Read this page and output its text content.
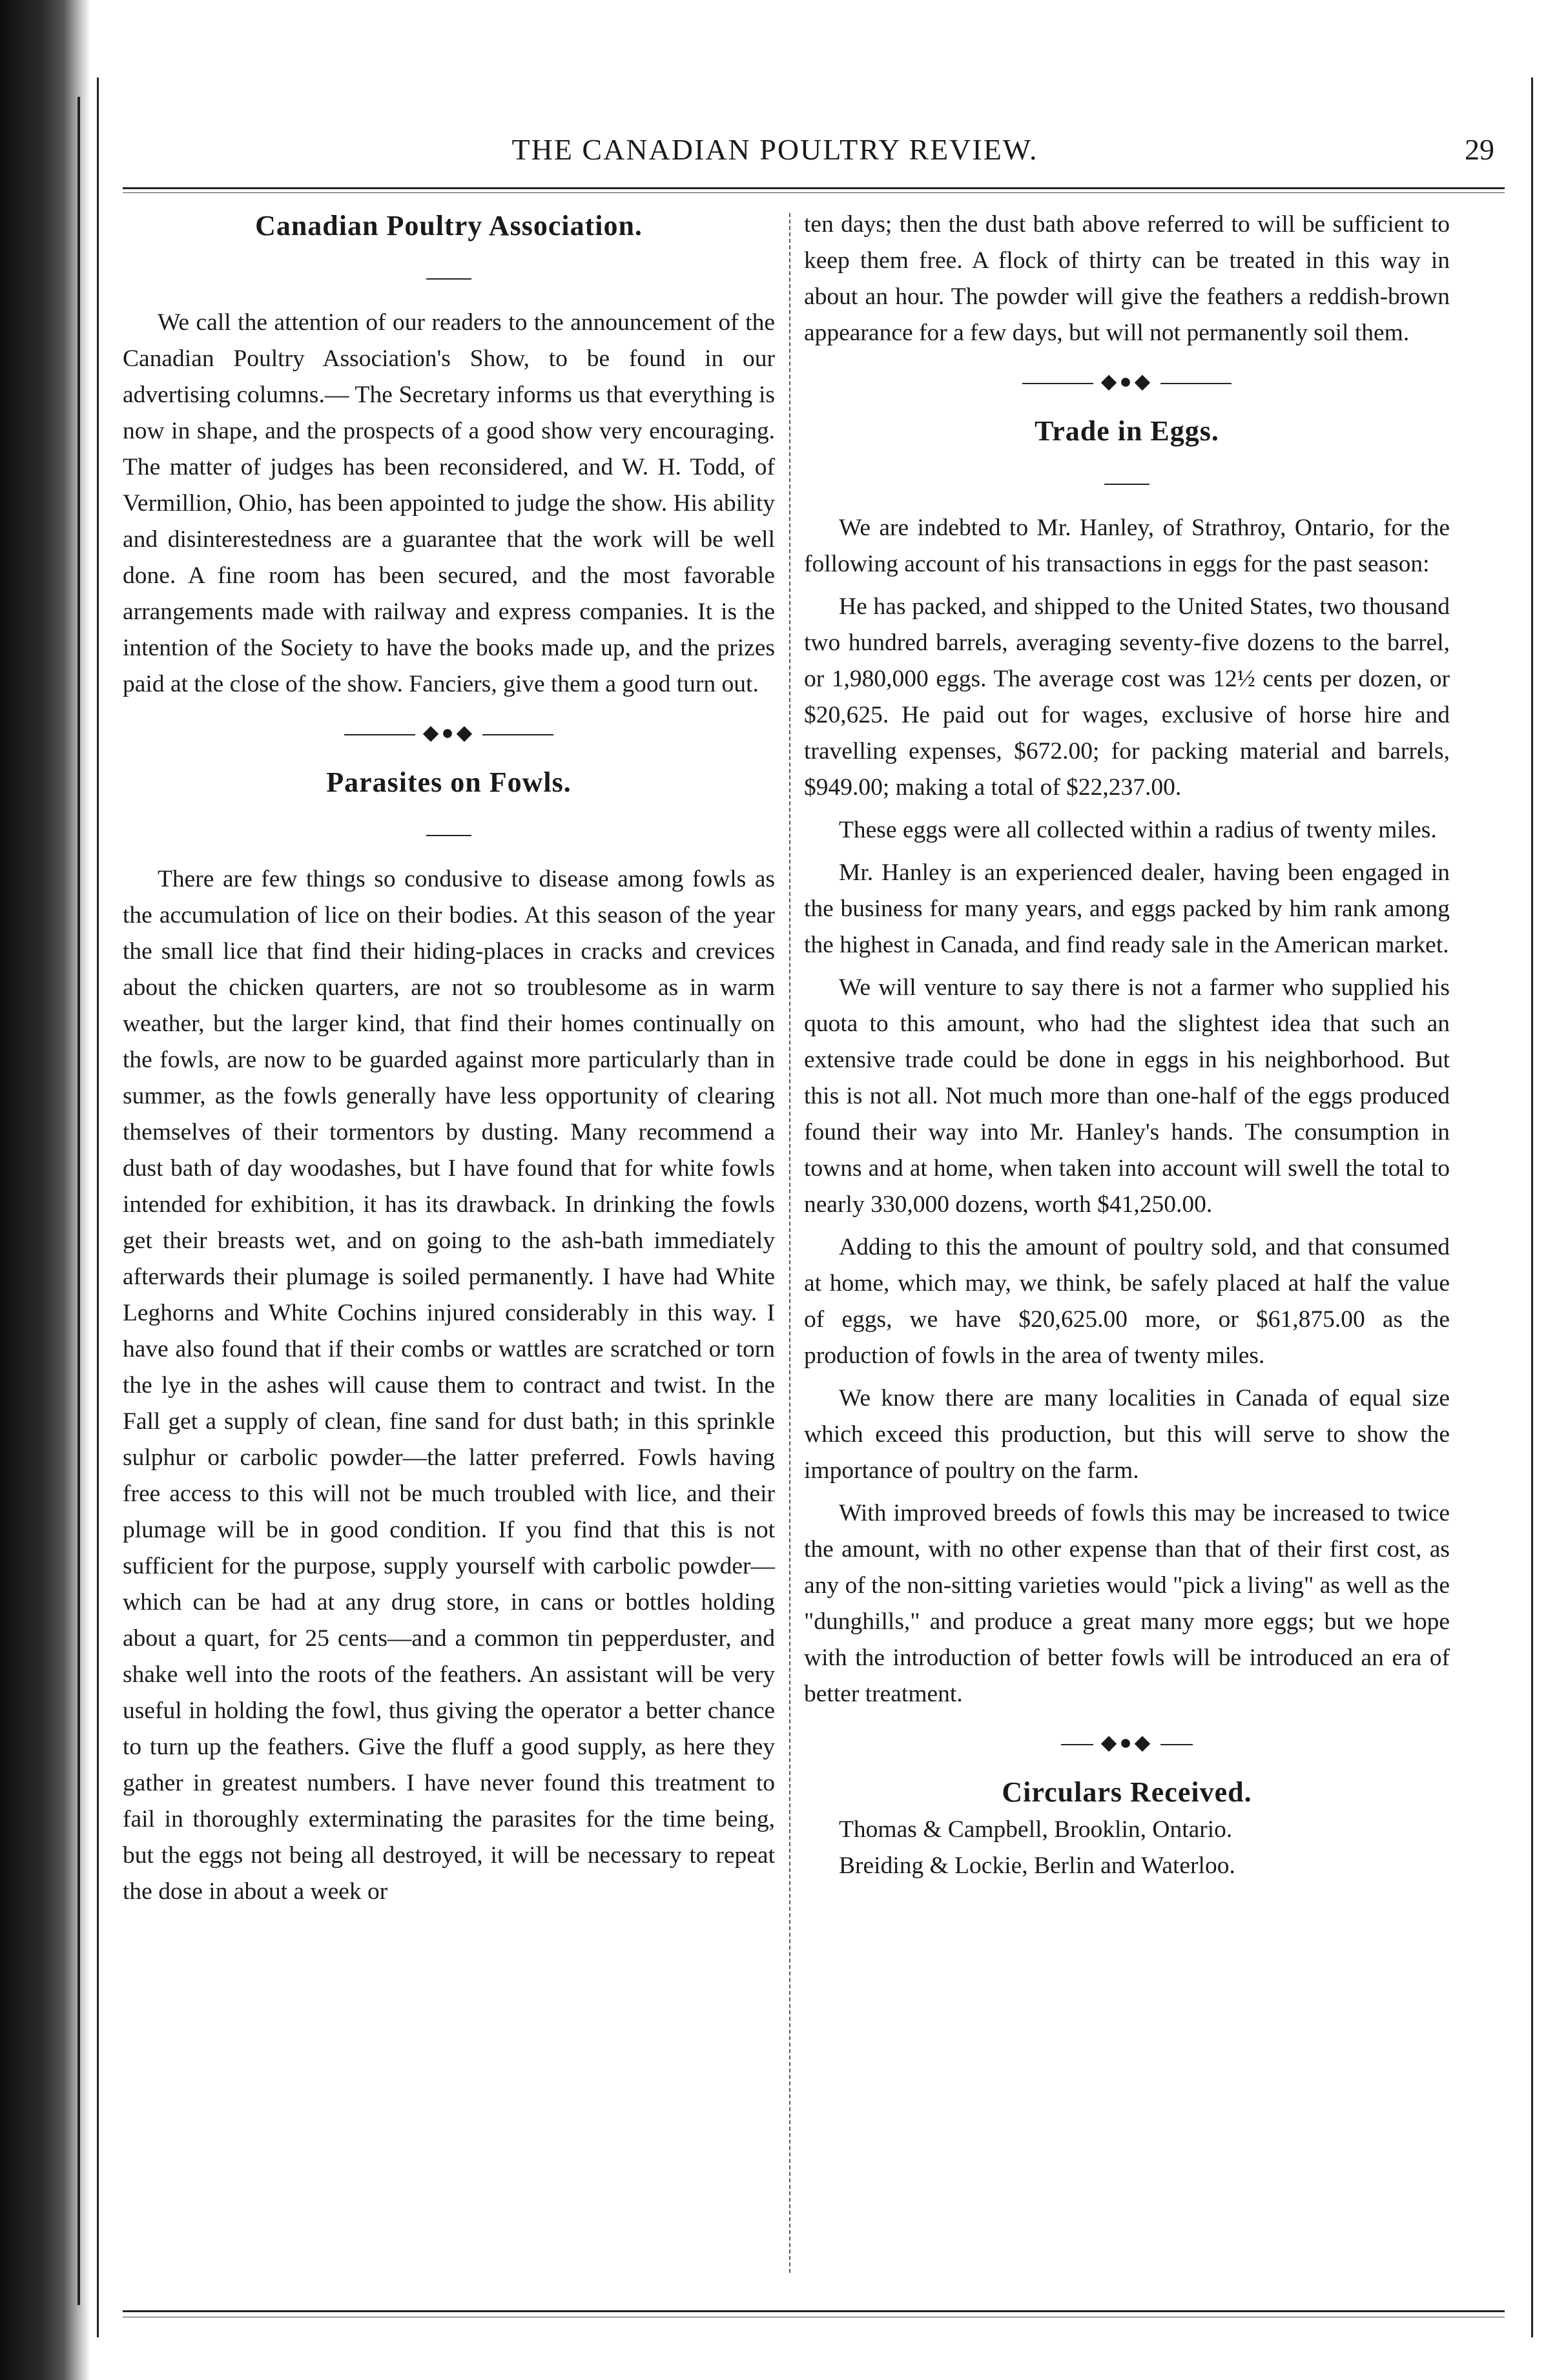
THE CANADIAN POULTRY REVIEW.	29
Canadian Poultry Association.

We call the attention of our readers to the announcement of the Canadian Poultry Association's Show, to be found in our advertising columns.— The Secretary informs us that everything is now in shape, and the prospects of a good show very encouraging. The matter of judges has been reconsidered, and W. H. Todd, of Vermillion, Ohio, has been appointed to judge the show. His ability and disinterestedness are a guarantee that the work will be well done. A fine room has been secured, and the most favorable arrangements made with railway and express companies. It is the intention of the Society to have the books made up, and the prizes paid at the close of the show. Fanciers, give them a good turn out.

◆●◆
Parasites on Fowls.

There are few things so condusive to disease among fowls as the accumulation of lice on their bodies. At this season of the year the small lice that find their hiding-places in cracks and crevices about the chicken quarters, are not so troublesome as in warm weather, but the larger kind, that find their homes continually on the fowls, are now to be guarded against more particularly than in summer, as the fowls generally have less opportunity of clearing themselves of their tormentors by dusting. Many recommend a dust bath of day woodashes, but I have found that for white fowls intended for exhibition, it has its drawback. In drinking the fowls get their breasts wet, and on going to the ash-bath immediately afterwards their plumage is soiled permanently. I have had White Leghorns and White Cochins injured considerably in this way. I have also found that if their combs or wattles are scratched or torn the lye in the ashes will cause them to contract and twist. In the Fall get a supply of clean, fine sand for dust bath; in this sprinkle sulphur or carbolic powder—the latter preferred. Fowls having free access to this will not be much troubled with lice, and their plumage will be in good condition. If you find that this is not sufficient for the purpose, supply yourself with carbolic powder—which can be had at any drug store, in cans or bottles holding about a quart, for 25 cents—and a common tin pepperduster, and shake well into the roots of the feathers. An assistant will be very useful in holding the fowl, thus giving the operator a better chance to turn up the feathers. Give the fluff a good supply, as here they gather in greatest numbers. I have never found this treatment to fail in thoroughly exterminating the parasites for the time being, but the eggs not being all destroyed, it will be necessary to repeat the dose in about a week or

ten days; then the dust bath above referred to will be sufficient to keep them free. A flock of thirty can be treated in this way in about an hour. The powder will give the feathers a reddish-brown appearance for a few days, but will not permanently soil them.

◆●◆
Trade in Eggs.

We are indebted to Mr. Hanley, of Strathroy, Ontario, for the following account of his transactions in eggs for the past season:

He has packed, and shipped to the United States, two thousand two hundred barrels, averaging seventy-five dozens to the barrel, or 1,980,000 eggs. The average cost was 12½ cents per dozen, or $20,625. He paid out for wages, exclusive of horse hire and travelling expenses, $672.00; for packing material and barrels, $949.00; making a total of $22,237.00.

These eggs were all collected within a radius of twenty miles.

Mr. Hanley is an experienced dealer, having been engaged in the business for many years, and eggs packed by him rank among the highest in Canada, and find ready sale in the American market.

We will venture to say there is not a farmer who supplied his quota to this amount, who had the slightest idea that such an extensive trade could be done in eggs in his neighborhood. But this is not all. Not much more than one-half of the eggs produced found their way into Mr. Hanley's hands. The consumption in towns and at home, when taken into account will swell the total to nearly 330,000 dozens, worth $41,250.00.

Adding to this the amount of poultry sold, and that consumed at home, which may, we think, be safely placed at half the value of eggs, we have $20,625.00 more, or $61,875.00 as the production of fowls in the area of twenty miles.

We know there are many localities in Canada of equal size which exceed this production, but this will serve to show the importance of poultry on the farm.

With improved breeds of fowls this may be increased to twice the amount, with no other expense than that of their first cost, as any of the non-sitting varieties would "pick a living" as well as the "dunghills," and produce a great many more eggs; but we hope with the introduction of better fowls will be introduced an era of better treatment.

◆●◆
Circulars Received.

Thomas & Campbell, Brooklin, Ontario.

Breiding & Lockie, Berlin and Waterloo.
